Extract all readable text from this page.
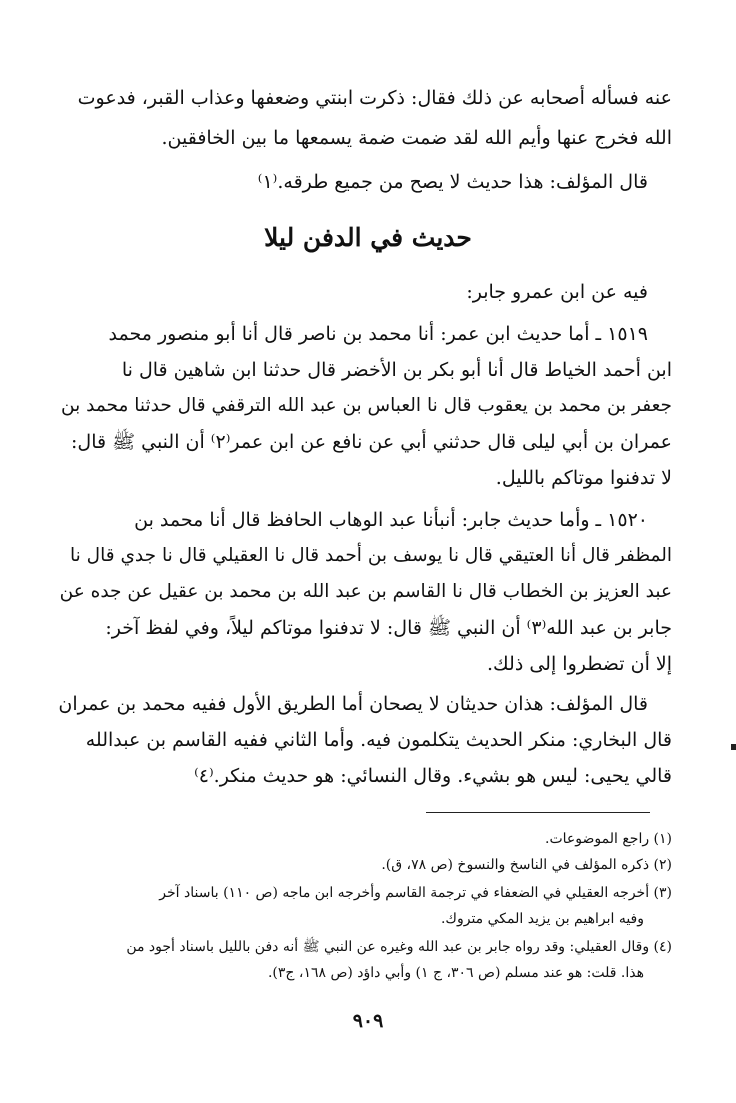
عنه فسأله أصحابه عن ذلك فقال: ذكرت ابنتي وضعفها وعذاب القبر، فدعوت
الله فخرج عنها وأيم الله لقد ضمت ضمة يسمعها ما بين الخافقين.
قال المؤلف: هذا حديث لا يصح من جميع طرقه.⁽١⁾
حديث في الدفن ليلا
فيه عن ابن عمرو جابر:
١٥١٩ ـ أما حديث ابن عمر: أنا محمد بن ناصر قال أنا أبو منصور محمد
ابن أحمد الخياط قال أنا أبو بكر بن الأخضر قال حدثنا ابن شاهين قال نا
جعفر بن محمد بن يعقوب قال نا العباس بن عبد الله الترقفي قال حدثنا محمد بن
عمران بن أبي ليلى قال حدثني أبي عن نافع عن ابن عمر⁽٢⁾ أن النبي ﷺ قال:
لا تدفنوا موتاكم بالليل.
١٥٢٠ ـ وأما حديث جابر: أنبأنا عبد الوهاب الحافظ قال أنا محمد بن
المظفر قال أنا العتيقي قال نا يوسف بن أحمد قال نا العقيلي قال نا جدي قال نا
عبد العزيز بن الخطاب قال نا القاسم بن عبد الله بن محمد بن عقيل عن جده عن
جابر بن عبد الله⁽٣⁾ أن النبي ﷺ قال: لا تدفنوا موتاكم ليلاً، وفي لفظ آخر:
إلا أن تضطروا إلى ذلك.
قال المؤلف: هذان حديثان لا يصحان أما الطريق الأول ففيه محمد بن عمران
قال البخاري: منكر الحديث يتكلمون فيه. وأما الثاني ففيه القاسم بن عبدالله
قالي يحيى: ليس هو بشيء. وقال النسائي: هو حديث منكر.⁽٤⁾
(١) راجع الموضوعات.
(٢) ذكره المؤلف في الناسخ والنسوخ (ص ٧٨، ق).
(٣) أخرجه العقيلي في الضعفاء في ترجمة القاسم وأخرجه ابن ماجه (ص ١١٠) باسناد آخر
وفيه ابراهيم بن يزيد المكي متروك.
(٤) وقال العقيلي: وقد رواه جابر بن عبد الله وغيره عن النبي ﷺ أنه دفن بالليل باسناد أجود من
هذا. قلت: هو عند مسلم (ص ٣٠٦، ج ١) وأبي داؤد (ص ١٦٨، ج٣).
٩٠٩
